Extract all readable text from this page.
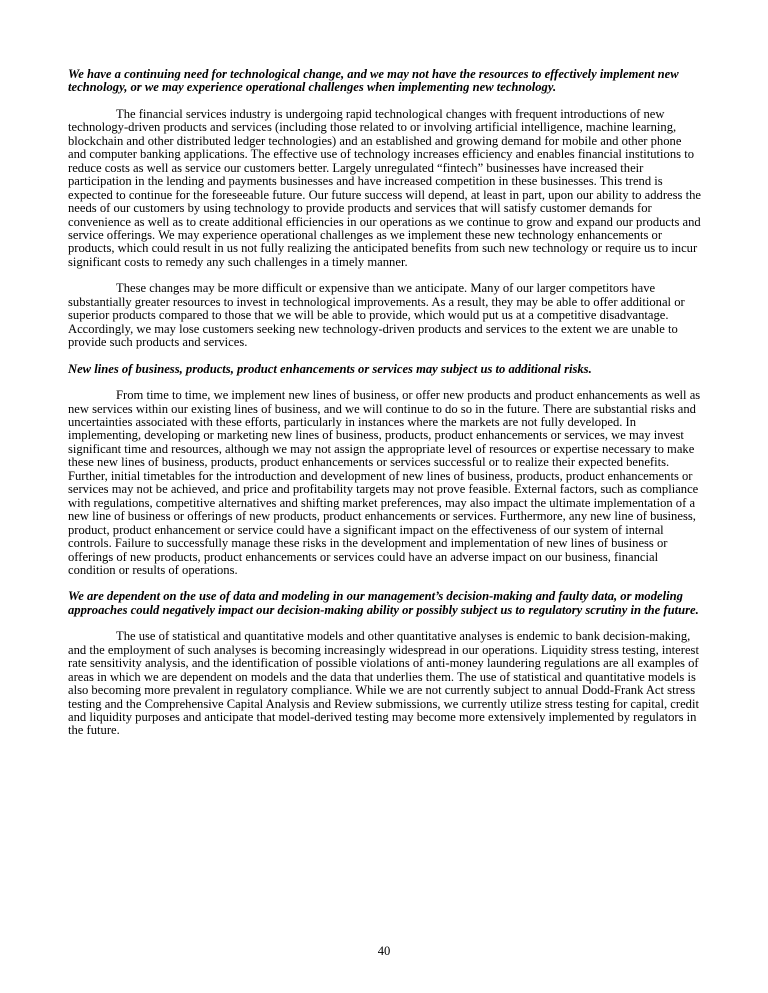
We have a continuing need for technological change, and we may not have the resources to effectively implement new technology, or we may experience operational challenges when implementing new technology.

The financial services industry is undergoing rapid technological changes with frequent introductions of new technology-driven products and services (including those related to or involving artificial intelligence, machine learning, blockchain and other distributed ledger technologies) and an established and growing demand for mobile and other phone and computer banking applications. The effective use of technology increases efficiency and enables financial institutions to reduce costs as well as service our customers better. Largely unregulated “fintech” businesses have increased their participation in the lending and payments businesses and have increased competition in these businesses. This trend is expected to continue for the foreseeable future. Our future success will depend, at least in part, upon our ability to address the needs of our customers by using technology to provide products and services that will satisfy customer demands for convenience as well as to create additional efficiencies in our operations as we continue to grow and expand our products and service offerings. We may experience operational challenges as we implement these new technology enhancements or products, which could result in us not fully realizing the anticipated benefits from such new technology or require us to incur significant costs to remedy any such challenges in a timely manner.

These changes may be more difficult or expensive than we anticipate. Many of our larger competitors have substantially greater resources to invest in technological improvements. As a result, they may be able to offer additional or superior products compared to those that we will be able to provide, which would put us at a competitive disadvantage. Accordingly, we may lose customers seeking new technology-driven products and services to the extent we are unable to provide such products and services.

New lines of business, products, product enhancements or services may subject us to additional risks.

From time to time, we implement new lines of business, or offer new products and product enhancements as well as new services within our existing lines of business, and we will continue to do so in the future. There are substantial risks and uncertainties associated with these efforts, particularly in instances where the markets are not fully developed. In implementing, developing or marketing new lines of business, products, product enhancements or services, we may invest significant time and resources, although we may not assign the appropriate level of resources or expertise necessary to make these new lines of business, products, product enhancements or services successful or to realize their expected benefits. Further, initial timetables for the introduction and development of new lines of business, products, product enhancements or services may not be achieved, and price and profitability targets may not prove feasible. External factors, such as compliance with regulations, competitive alternatives and shifting market preferences, may also impact the ultimate implementation of a new line of business or offerings of new products, product enhancements or services. Furthermore, any new line of business, product, product enhancement or service could have a significant impact on the effectiveness of our system of internal controls. Failure to successfully manage these risks in the development and implementation of new lines of business or offerings of new products, product enhancements or services could have an adverse impact on our business, financial condition or results of operations.

We are dependent on the use of data and modeling in our management’s decision-making and faulty data, or modeling approaches could negatively impact our decision-making ability or possibly subject us to regulatory scrutiny in the future.

The use of statistical and quantitative models and other quantitative analyses is endemic to bank decision-making, and the employment of such analyses is becoming increasingly widespread in our operations. Liquidity stress testing, interest rate sensitivity analysis, and the identification of possible violations of anti-money laundering regulations are all examples of areas in which we are dependent on models and the data that underlies them. The use of statistical and quantitative models is also becoming more prevalent in regulatory compliance. While we are not currently subject to annual Dodd-Frank Act stress testing and the Comprehensive Capital Analysis and Review submissions, we currently utilize stress testing for capital, credit and liquidity purposes and anticipate that model-derived testing may become more extensively implemented by regulators in the future.

40
